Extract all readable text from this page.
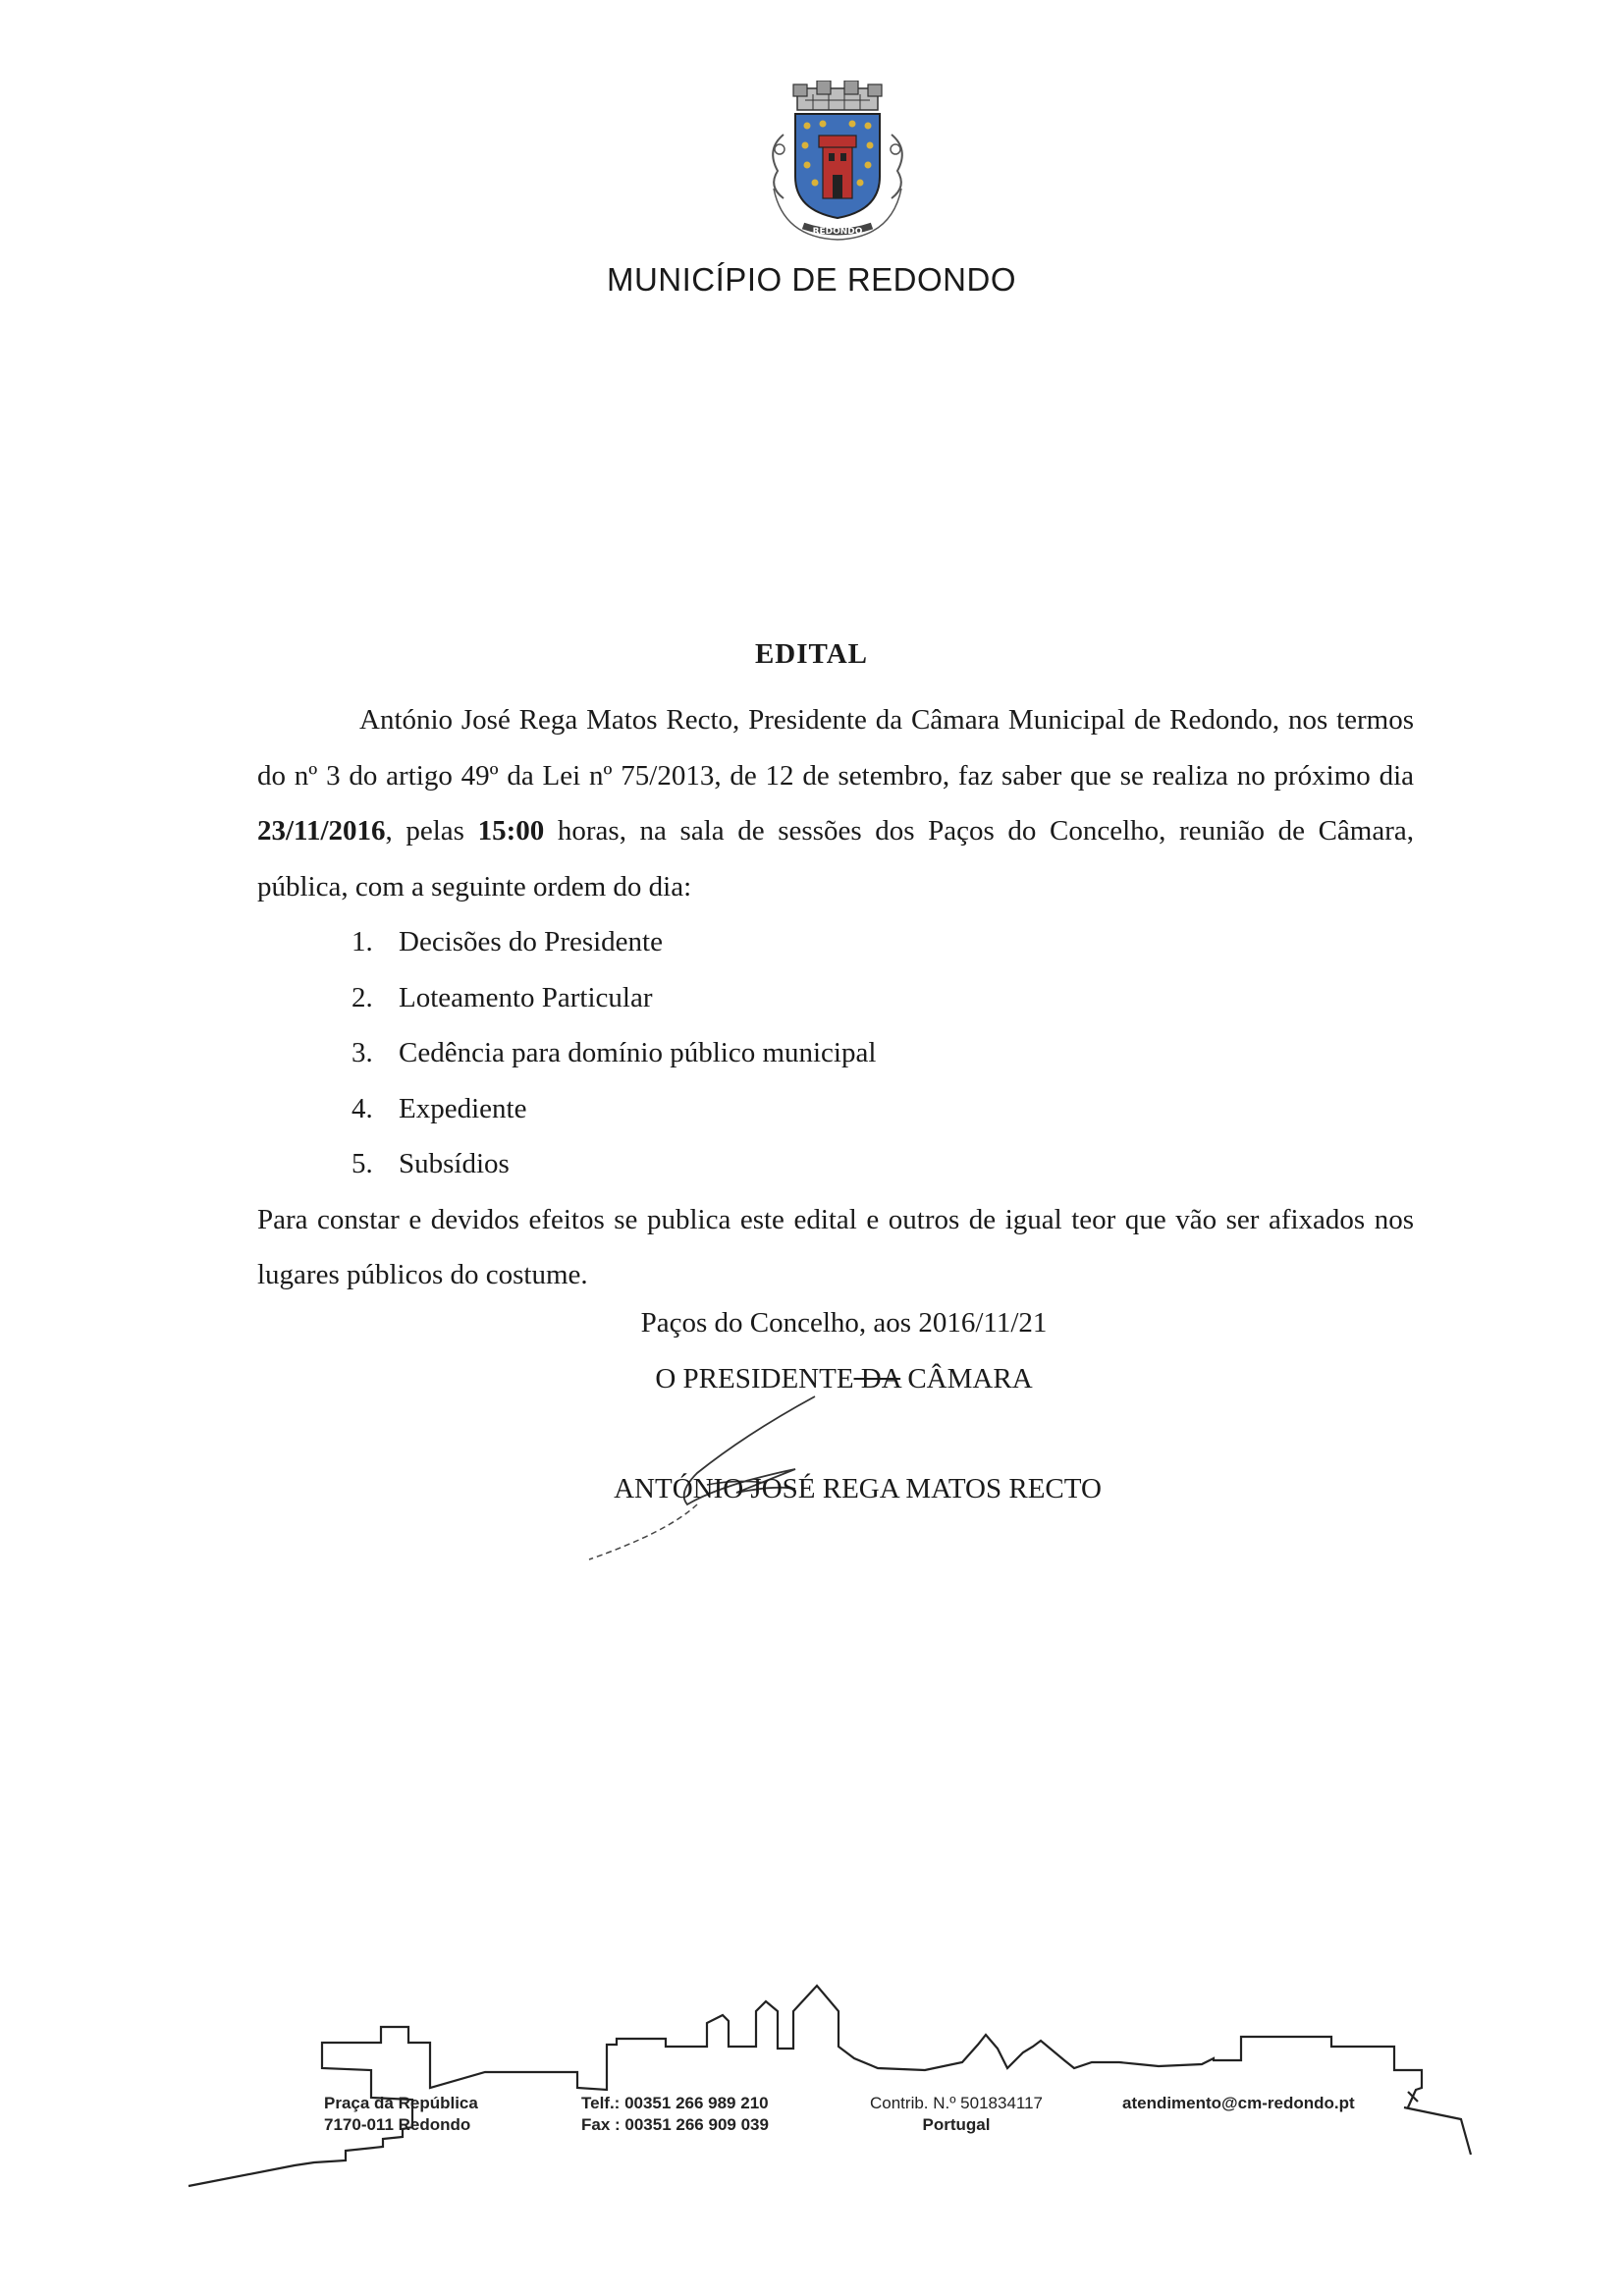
REDONDO
MUNICÍPIO DE REDONDO
EDITAL

António José Rega Matos Recto, Presidente da Câmara Municipal de Redondo, nos termos do nº 3 do artigo 49º da Lei nº 75/2013, de 12 de setembro, faz saber que se realiza no próximo dia 23/11/2016, pelas 15:00 horas, na sala de sessões dos Paços do Concelho, reunião de Câmara, pública, com a seguinte ordem do dia:

1. Decisões do Presidente
2. Loteamento Particular
3. Cedência para domínio público municipal
4. Expediente
5. Subsídios

Para constar e devidos efeitos se publica este edital e outros de igual teor que vão ser afixados nos lugares públicos do costume.

Paços do Concelho, aos 2016/11/21
O PRESIDENTE DA CÂMARA
ANTÓNIO JOSÉ REGA MATOS RECTO
Praça da República
7170-011 Redondo
Telf.: 00351 266 989 210
Fax : 00351 266 909 039
Contrib. N.º 501834117
Portugal
atendimento@cm-redondo.pt
